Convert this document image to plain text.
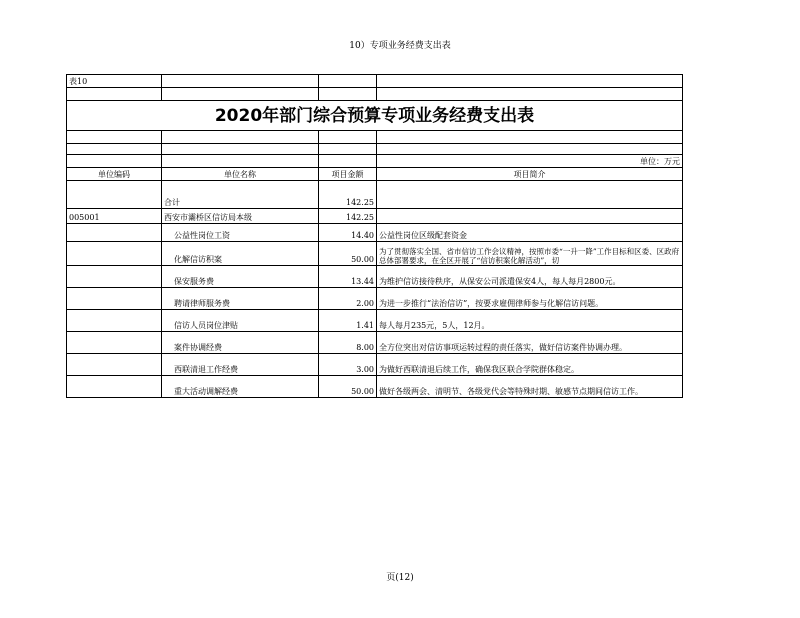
10）专项业务经费支出表
表10			

2020年部门综合预算专项业务经费支出表			

			单位：万元
单位编码	单位名称	项目金额	项目简介
	合计	142.25	
005001	西安市灞桥区信访局本级	142.25	
	公益性岗位工资	14.40	公益性岗位区级配套资金
	化解信访积案	50.00	为了贯彻落实全国、省市信访工作会议精神，按照市委“一升一降”工作目标和区委、区政府总体部署要求，在全区开展了“信访积案化解活动”，切
	保安服务费	13.44	为维护信访接待秩序，从保安公司派遣保安4人，每人每月2800元。
	聘请律师服务费	2.00	为进一步推行“法治信访”，按要求雇佣律师参与化解信访问题。
	信访人员岗位津贴	1.41	每人每月235元，5人，12月。
	案件协调经费	8.00	全方位突出对信访事项运转过程的责任落实，做好信访案件协调办理。
	西联清退工作经费	3.00	为做好西联清退后续工作，确保我区联合学院群体稳定。
	重大活动调解经费	50.00	做好各级两会、清明节、各级党代会等特殊时期、敏感节点期间信访工作。
页(12)
